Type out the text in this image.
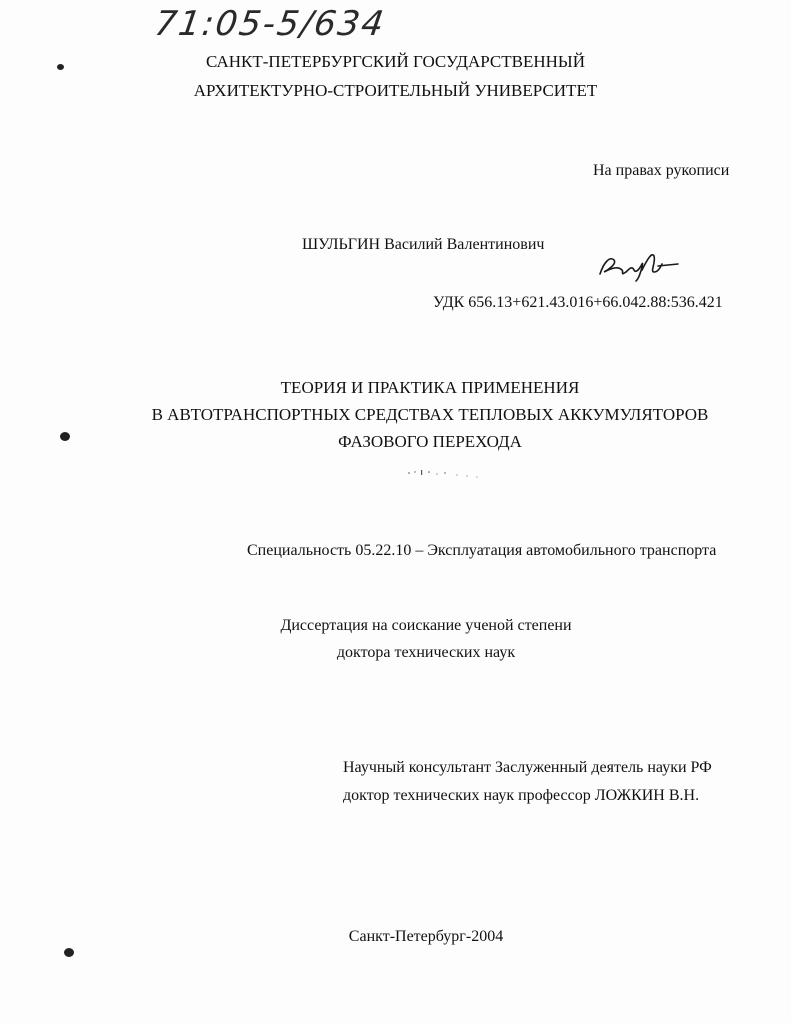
71:05-5/634
САНКТ-ПЕТЕРБУРГСКИЙ ГОСУДАРСТВЕННЫЙ
АРХИТЕКТУРНО-СТРОИТЕЛЬНЫЙ УНИВЕРСИТЕТ
На правах рукописи
ШУЛЬГИН Василий Валентинович
УДК 656.13+621.43.016+66.042.88:536.421
ТЕОРИЯ И ПРАКТИКА ПРИМЕНЕНИЯ
В АВТОТРАНСПОРТНЫХ СРЕДСТВАХ ТЕПЛОВЫХ АККУМУЛЯТОРОВ
ФАЗОВОГО ПЕРЕХОДА
Специальность 05.22.10 – Эксплуатация автомобильного транспорта
Диссертация на соискание ученой степени
доктора технических наук
Научный консультант Заслуженный деятель науки РФ
доктор технических наук профессор ЛОЖКИН В.Н.
Санкт-Петербург-2004
